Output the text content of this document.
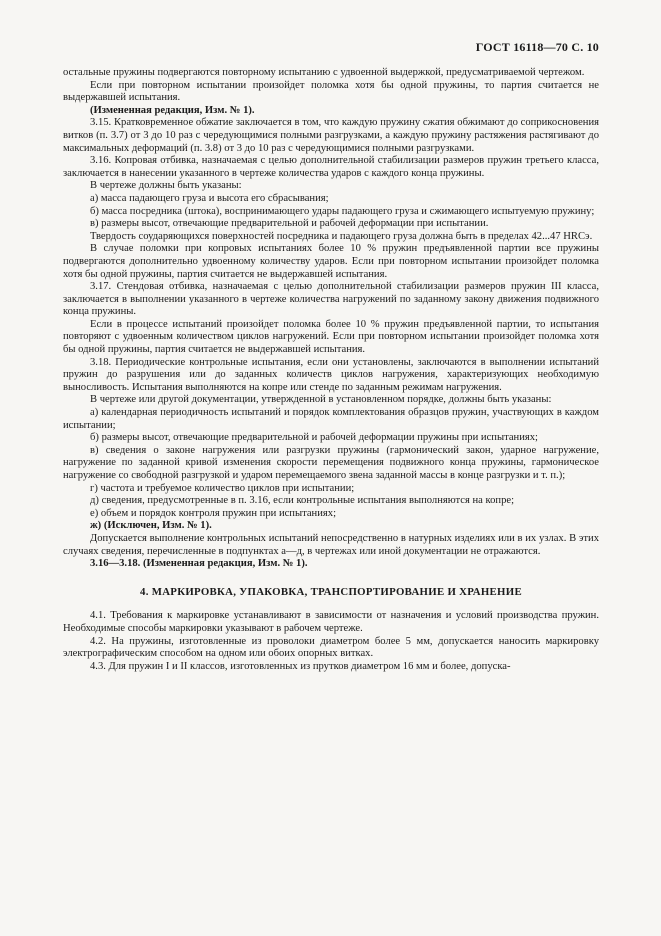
ГОСТ 16118—70 С. 10

остальные пружины подвергаются повторному испытанию с удвоенной выдержкой, предусматриваемой чертежом.

Если при повторном испытании произойдет поломка хотя бы одной пружины, то партия считается не выдержавшей испытания.

(Измененная редакция, Изм. № 1).

3.15. Кратковременное обжатие заключается в том, что каждую пружину сжатия обжимают до соприкосновения витков (п. 3.7) от 3 до 10 раз с чередующимися полными разгрузками, а каждую пружину растяжения растягивают до максимальных деформаций (п. 3.8) от 3 до 10 раз с чередующимися полными разгрузками.

3.16. Копровая отбивка, назначаемая с целью дополнительной стабилизации размеров пружин третьего класса, заключается в нанесении указанного в чертеже количества ударов с каждого конца пружины.

В чертеже должны быть указаны:

а) масса падающего груза и высота его сбрасывания;

б) масса посредника (штока), воспринимающего удары падающего груза и сжимающего испытуемую пружину;

в) размеры высот, отвечающие предварительной и рабочей деформации при испытании.

Твердость соударяющихся поверхностей посредника и падающего груза должна быть в пределах 42...47 HRCэ.

В случае поломки при копровых испытаниях более 10 % пружин предъявленной партии все пружины подвергаются дополнительно удвоенному количеству ударов. Если при повторном испытании произойдет поломка хотя бы одной пружины, партия считается не выдержавшей испытания.

3.17. Стендовая отбивка, назначаемая с целью дополнительной стабилизации размеров пружин III класса, заключается в выполнении указанного в чертеже количества нагружений по заданному закону движения подвижного конца пружины.

Если в процессе испытаний произойдет поломка более 10 % пружин предъявленной партии, то испытания повторяют с удвоенным количеством циклов нагружений. Если при повторном испытании произойдет поломка хотя бы одной пружины, партия считается не выдержавшей испытания.

3.18. Периодические контрольные испытания, если они установлены, заключаются в выполнении испытаний пружин до разрушения или до заданных количеств циклов нагружения, характеризующих необходимую выносливость. Испытания выполняются на копре или стенде по заданным режимам нагружения.

В чертеже или другой документации, утвержденной в установленном порядке, должны быть указаны:

а) календарная периодичность испытаний и порядок комплектования образцов пружин, участвующих в каждом испытании;

б) размеры высот, отвечающие предварительной и рабочей деформации пружины при испытаниях;

в) сведения о законе нагружения или разгрузки пружины (гармонический закон, ударное нагружение, нагружение по заданной кривой изменения скорости перемещения подвижного конца пружины, гармоническое нагружение со свободной разгрузкой и ударом перемещаемого звена заданной массы в конце разгрузки и т. п.);

г) частота и требуемое количество циклов при испытании;

д) сведения, предусмотренные в п. 3.16, если контрольные испытания выполняются на копре;

е) объем и порядок контроля пружин при испытаниях;

ж) (Исключен, Изм. № 1).

Допускается выполнение контрольных испытаний непосредственно в натурных изделиях или в их узлах. В этих случаях сведения, перечисленные в подпунктах а—д, в чертежах или иной документации не отражаются.

3.16—3.18. (Измененная редакция, Изм. № 1).

4. МАРКИРОВКА, УПАКОВКА, ТРАНСПОРТИРОВАНИЕ И ХРАНЕНИЕ

4.1. Требования к маркировке устанавливают в зависимости от назначения и условий производства пружин. Необходимые способы маркировки указывают в рабочем чертеже.

4.2. На пружины, изготовленные из проволоки диаметром более 5 мм, допускается наносить маркировку электрографическим способом на одном или обоих опорных витках.

4.3. Для пружин I и II классов, изготовленных из прутков диаметром 16 мм и более, допуска-
